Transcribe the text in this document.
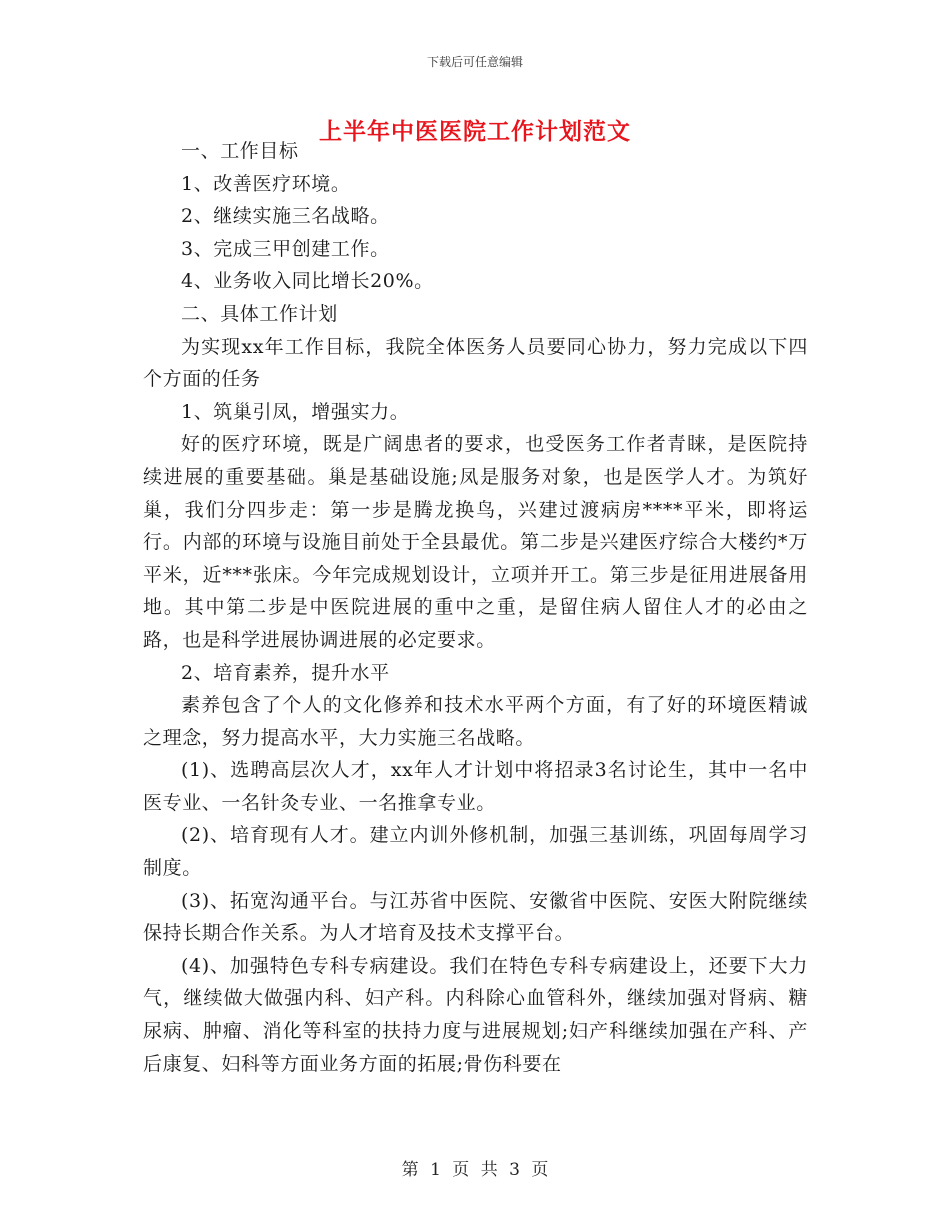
下载后可任意编辑
上半年中医医院工作计划范文

一、工作目标

1、改善医疗环境。

2、继续实施三名战略。

3、完成三甲创建工作。

4、业务收入同比增长20%。

二、具体工作计划

为实现xx年工作目标，我院全体医务人员要同心协力，努力完成以下四个方面的任务

1、筑巢引凤，增强实力。

好的医疗环境，既是广阔患者的要求，也受医务工作者青睐，是医院持续进展的重要基础。巢是基础设施;凤是服务对象，也是医学人才。为筑好巢，我们分四步走：第一步是腾龙换鸟，兴建过渡病房****平米，即将运行。内部的环境与设施目前处于全县最优。第二步是兴建医疗综合大楼约*万平米，近***张床。今年完成规划设计，立项并开工。第三步是征用进展备用地。其中第二步是中医院进展的重中之重，是留住病人留住人才的必由之路，也是科学进展协调进展的必定要求。

2、培育素养，提升水平

素养包含了个人的文化修养和技术水平两个方面，有了好的环境医精诚之理念，努力提高水平，大力实施三名战略。

(1)、选聘高层次人才，xx年人才计划中将招录3名讨论生，其中一名中医专业、一名针灸专业、一名推拿专业。

(2)、培育现有人才。建立内训外修机制，加强三基训练，巩固每周学习制度。

(3)、拓宽沟通平台。与江苏省中医院、安徽省中医院、安医大附院继续保持长期合作关系。为人才培育及技术支撑平台。

(4)、加强特色专科专病建设。我们在特色专科专病建设上，还要下大力气，继续做大做强内科、妇产科。内科除心血管科外，继续加强对肾病、糖尿病、肿瘤、消化等科室的扶持力度与进展规划;妇产科继续加强在产科、产后康复、妇科等方面业务方面的拓展;骨伤科要在

第 1 页 共 3 页
